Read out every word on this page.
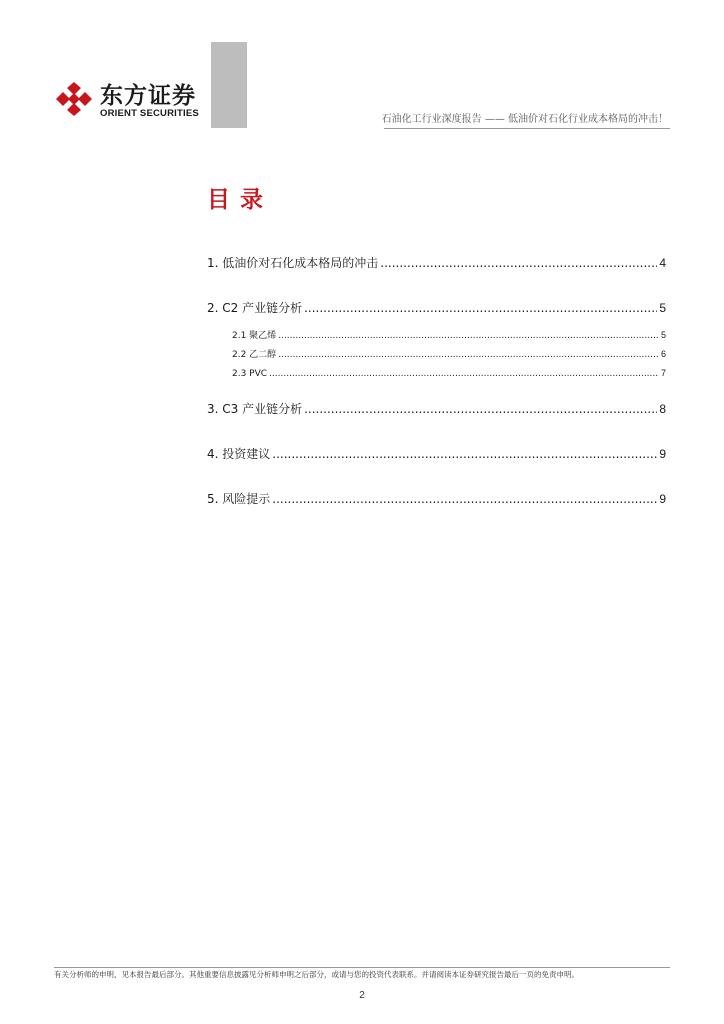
东方证券
ORIENT SECURITIES
石油化工行业深度报告 —— 低油价对石化行业成本格局的冲击！
目录
1. 低油价对石化成本格局的冲击 .....	4
2. C2 产业链分析 .....	5
2.1 聚乙烯 .....	5
2.2 乙二醇 .....	6
2.3 PVC .....	7
3. C3 产业链分析 .....	8
4. 投资建议 .....	9
5. 风险提示 .....	9
有关分析师的申明，见本报告最后部分。其他重要信息披露见分析师申明之后部分，或请与您的投资代表联系。并请阅读本证券研究报告最后一页的免责申明。
2
